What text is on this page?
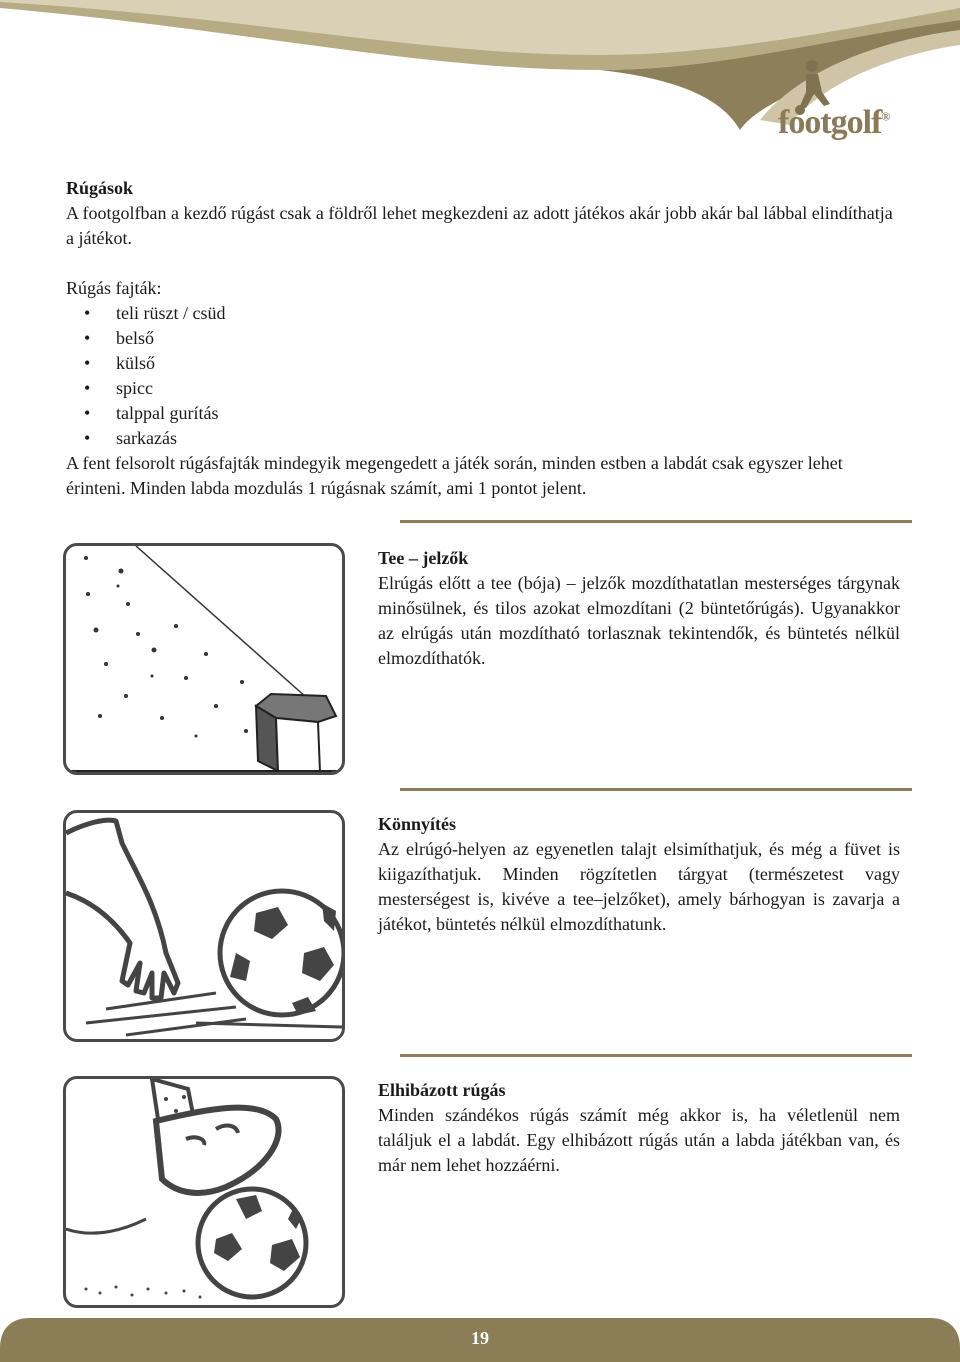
footgolf®
Rúgások
A footgolfban a kezdő rúgást csak a földről lehet megkezdeni az adott játékos akár jobb akár bal lábbal elindíthatja a játékot.
Rúgás fajták:
• teli rüszt / csüd
• belső
• külső
• spicc
• talppal gurítás
• sarkazás
A fent felsorolt rúgásfajták mindegyik megengedett a játék során, minden estben a labdát csak egyszer lehet érinteni. Minden labda mozdulás 1 rúgásnak számít, ami 1 pontot jelent.
Tee – jelzők
Elrúgás előtt a tee (bója) – jelzők mozdíthatatlan mesterséges tárgynak minősülnek, és tilos azokat elmozdítani (2 büntetőrúgás). Ugyanakkor az elrúgás után mozdítható torlasznak tekintendők, és büntetés nélkül elmozdíthatók.
Könnyítés
Az elrúgó-helyen az egyenetlen talajt elsimíthatjuk, és még a füvet is kiigazíthatjuk. Minden rögzítetlen tárgyat (természetest vagy mesterségest is, kivéve a tee–jelzőket), amely bárhogyan is zavarja a játékot, büntetés nélkül elmozdíthatunk.
Elhibázott rúgás
Minden szándékos rúgás számít még akkor is, ha véletlenül nem találjuk el a labdát. Egy elhibázott rúgás után a labda játékban van, és már nem lehet hozzáérni.
19
